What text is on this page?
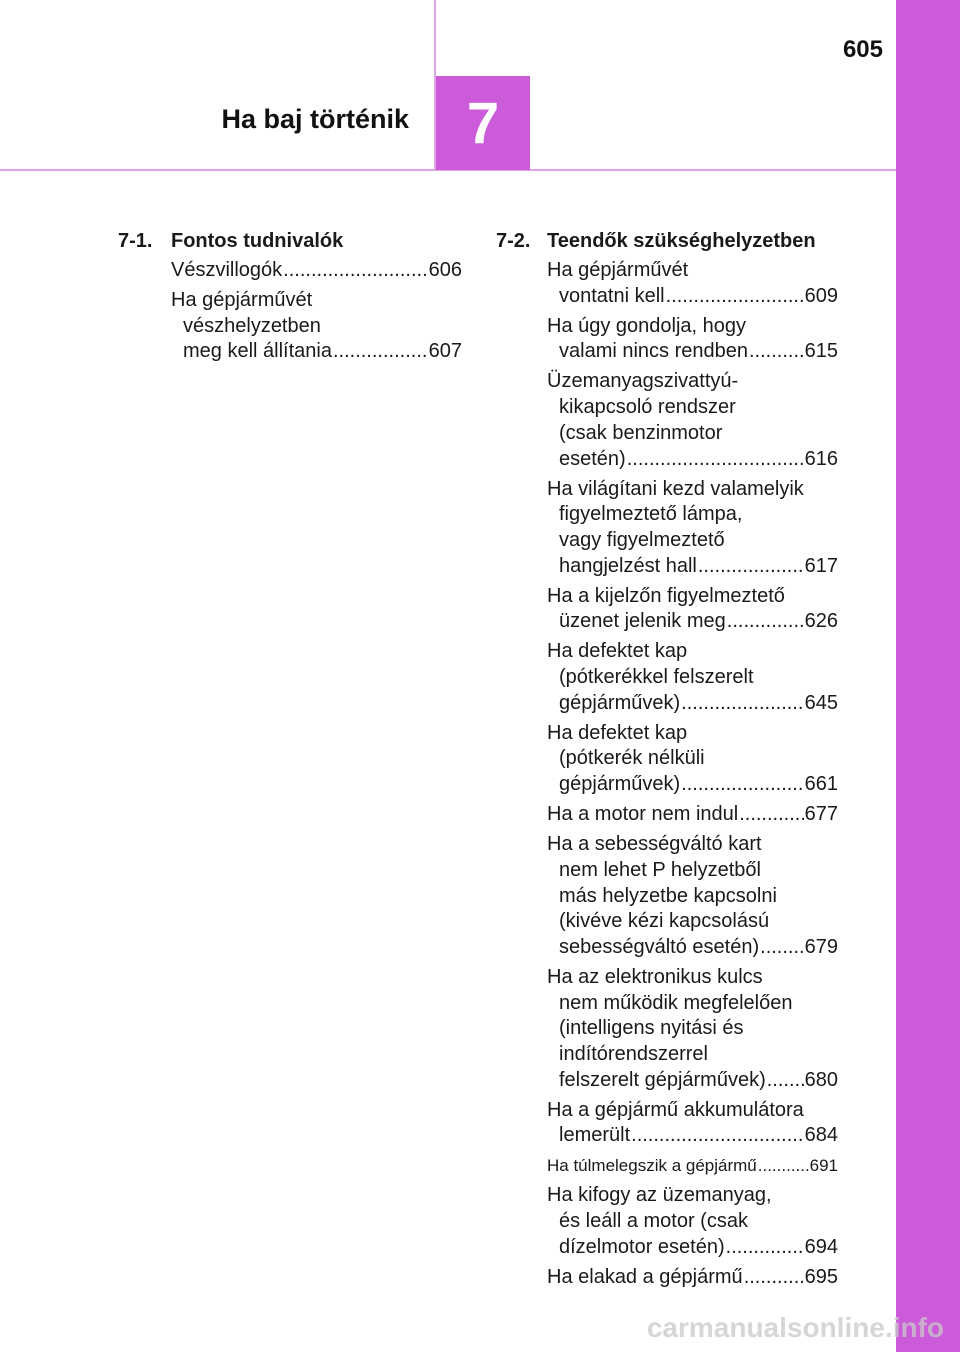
605
Ha baj történik 7
7-1. Fontos tudnivalók
Vészvillogók .....	606
Ha gépjárművét
vészhelyzetben
meg kell állítania .....	607
7-2. Teendők szükséghelyzetben
Ha gépjárművét
vontatni kell .....	609
Ha úgy gondolja, hogy
valami nincs rendben .....	615
Üzemanyagszivattyú-
kikapcsoló rendszer
(csak benzinmotor
esetén) .....	616
Ha világítani kezd valamelyik
figyelmeztető lámpa,
vagy figyelmeztető
hangjelzést hall .....	617
Ha a kijelzőn figyelmeztető
üzenet jelenik meg .....	626
Ha defektet kap
(pótkerékkel felszerelt
gépjárművek) .....	645
Ha defektet kap
(pótkerék nélküli
gépjárművek) .....	661
Ha a motor nem indul .....	677
Ha a sebességváltó kart
nem lehet P helyzetből
más helyzetbe kapcsolni
(kivéve kézi kapcsolású
sebességváltó esetén) ..... 679
Ha az elektronikus kulcs
nem működik megfelelően
(intelligens nyitási és
indítórendszerrel
felszerelt gépjárművek) ..... 680
Ha a gépjármű akkumulátora
lemerült .....	684
Ha túlmelegszik a gépjármű .....	691
Ha kifogy az üzemanyag,
és leáll a motor (csak
dízelmotor esetén) .....	694
Ha elakad a gépjármű .....	695
carmanualsonline.info
